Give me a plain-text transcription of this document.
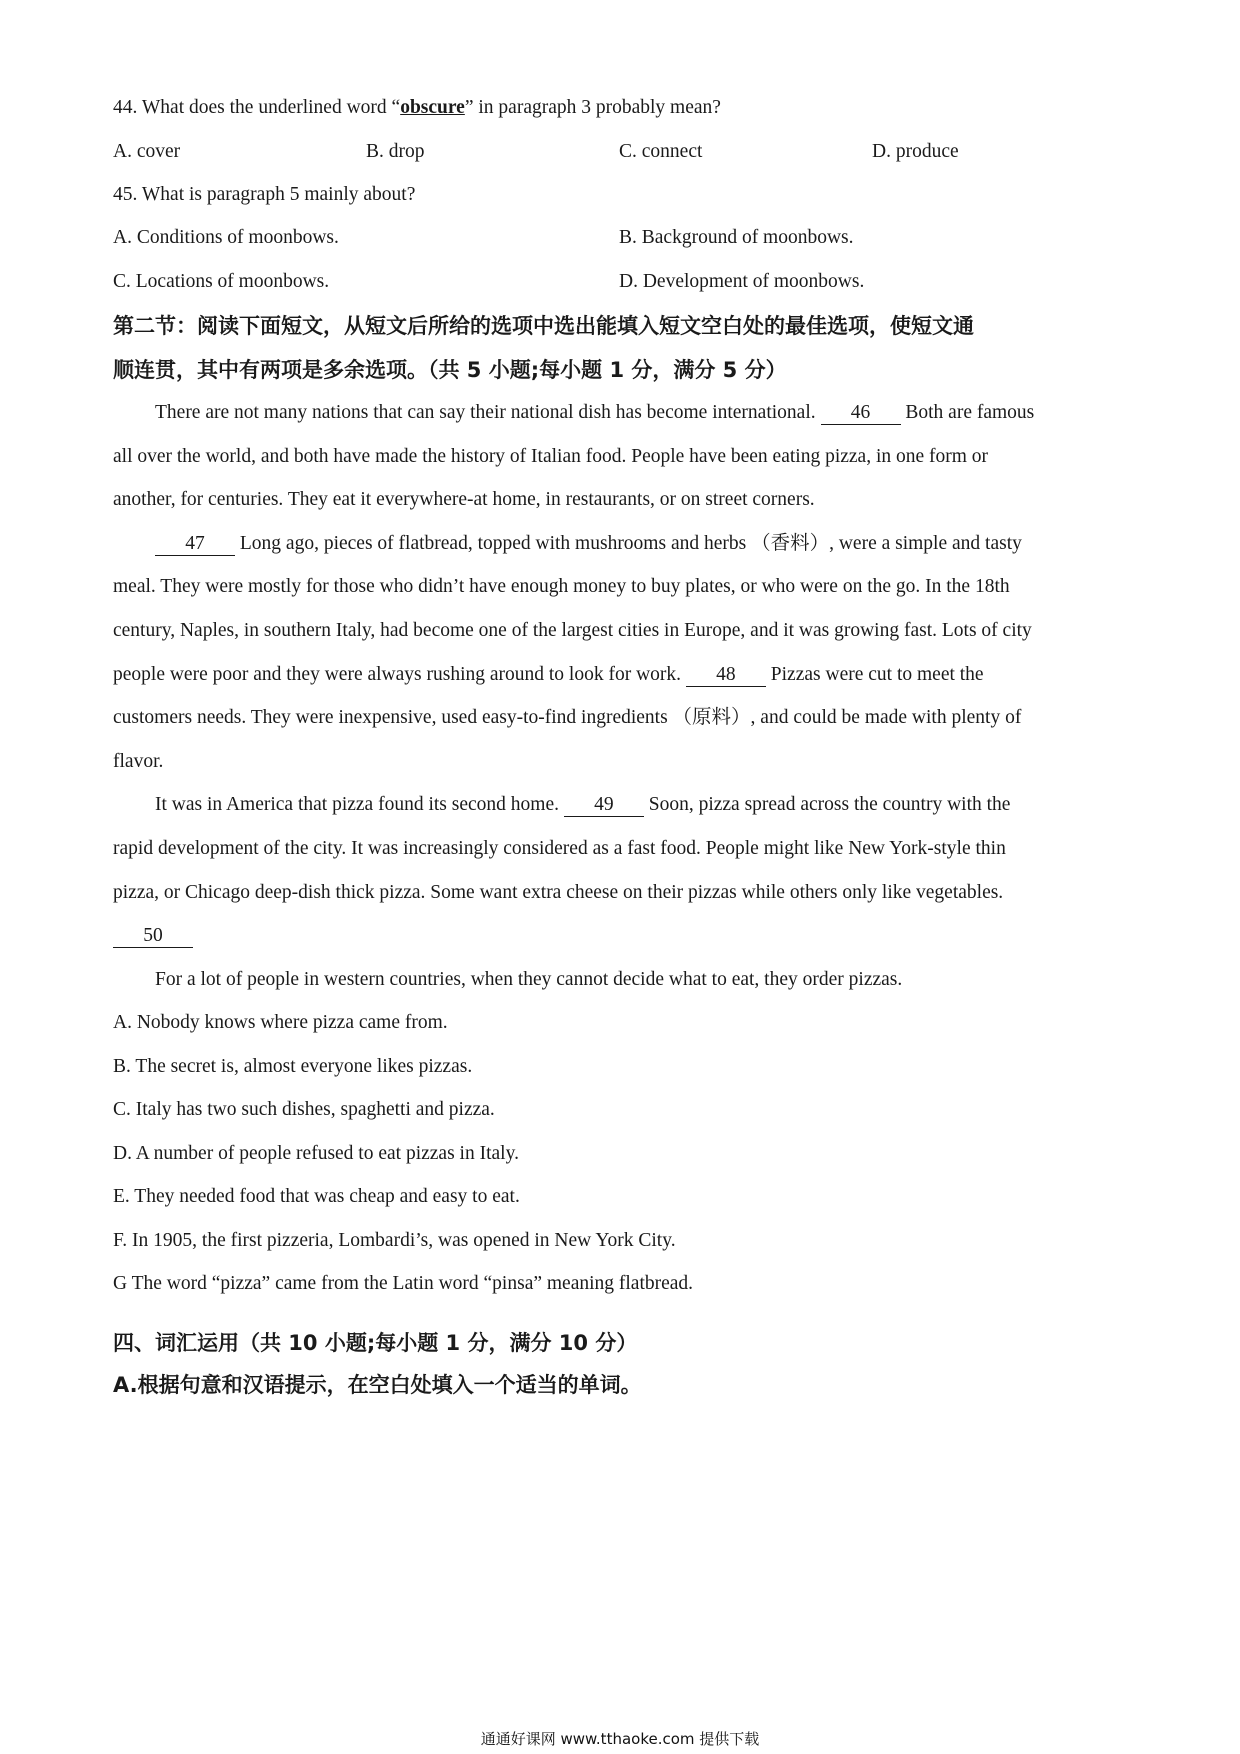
44. What does the underlined word “obscure” in paragraph 3 probably mean?
A. cover	B. drop	C. connect	D. produce
45. What is paragraph 5 mainly about?
A. Conditions of moonbows.	B. Background of moonbows.
C. Locations of moonbows.	D. Development of moonbows.
第二节：阅读下面短文，从短文后所给的选项中选出能填入短文空白处的最佳选项，使短文通
顺连贯，其中有两项是多余选项。（共 5 小题;每小题 1 分，满分 5 分）
There are not many nations that can say their national dish has become international. 46 Both are famous
all over the world, and both have made the history of Italian food. People have been eating pizza, in one form or
another, for centuries. They eat it everywhere-at home, in restaurants, or on street corners.
47 Long ago, pieces of flatbread, topped with mushrooms and herbs （香料）, were a simple and tasty
meal. They were mostly for those who didn’t have enough money to buy plates, or who were on the go. In the 18th
century, Naples, in southern Italy, had become one of the largest cities in Europe, and it was growing fast. Lots of city
people were poor and they were always rushing around to look for work. 48 Pizzas were cut to meet the
customers needs. They were inexpensive, used easy-to-find ingredients （原料）, and could be made with plenty of
flavor.
It was in America that pizza found its second home. 49 Soon, pizza spread across the country with the
rapid development of the city. It was increasingly considered as a fast food. People might like New York-style thin
pizza, or Chicago deep-dish thick pizza. Some want extra cheese on their pizzas while others only like vegetables.
50
For a lot of people in western countries, when they cannot decide what to eat, they order pizzas.
A. Nobody knows where pizza came from.
B. The secret is, almost everyone likes pizzas.
C. Italy has two such dishes, spaghetti and pizza.
D. A number of people refused to eat pizzas in Italy.
E. They needed food that was cheap and easy to eat.
F. In 1905, the first pizzeria, Lombardi’s, was opened in New York City.
G The word “pizza” came from the Latin word “pinsa” meaning flatbread.
四、词汇运用（共 10 小题;每小题 1 分，满分 10 分）
A.根据句意和汉语提示，在空白处填入一个适当的单词。
通通好课网 www.tthaoke.com 提供下载
